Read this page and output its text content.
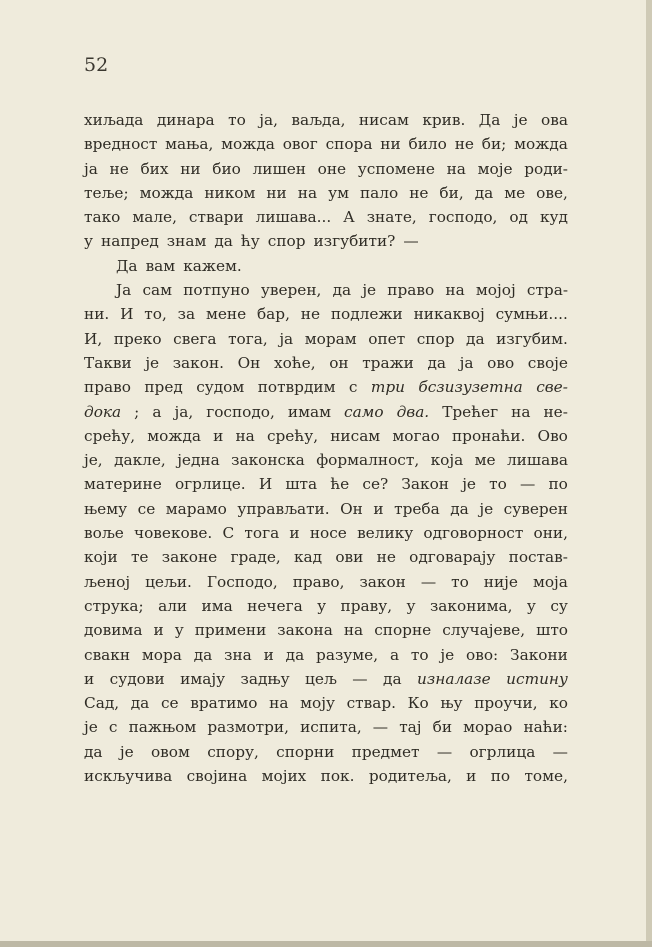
52
хиљада динара то ја, ваљда, нисам крив. Да је ова
вредност мања, можда овог спора ни било не би; можда
ја не бих ни био лишен оне успомене на моје роди-
теље; можда ником ни на ум пало не би, да ме ове,
тако мале, ствари лишава... А знате, господо, од куд
у напред знам да ћу спор изгубити? —
Да вам кажем.
Ја сам потпуно уверен, да је право на мојој стра-
ни. И то, за мене бар, не подлежи никаквој сумњи....
И, преко свега тога, ја морам опет спор да изгубим.
Такви је закон. Он хоће, он тражи да ја ово своје
право пред судом потврдим с три бсзизузетна све-
дока ; а ја, господо, имам само два. Трећег на не-
срећу, можда и на срећу, нисам могао пронаћи. Ово
је, дакле, једна законска формалност, која ме лишава
материне огрлице. И шта ће се? Закон је то — по
њему се марамо управљати. Он и треба да је суверен
воље човекове. С тога и носе велику одговорност они,
који те законе граде, кад ови не одговарају постав-
љеној цељи. Господо, право, закон — то није моја
струка; али има нечега у праву, у законима, у су
довима и у примени закона на спорне случајеве, што
свакн мора да зна и да разуме, а то је ово: Закони
и судови имају задњу цељ — да изналазе истину
Сад, да се вратимо на моју ствар. Ко њу проучи, ко
је с пажњом размотри, испита, — тај би морао наћи:
да је овом спору, спорни предмет — огрлица —
искључива својина мојих пок. родитеља, и по томе,
